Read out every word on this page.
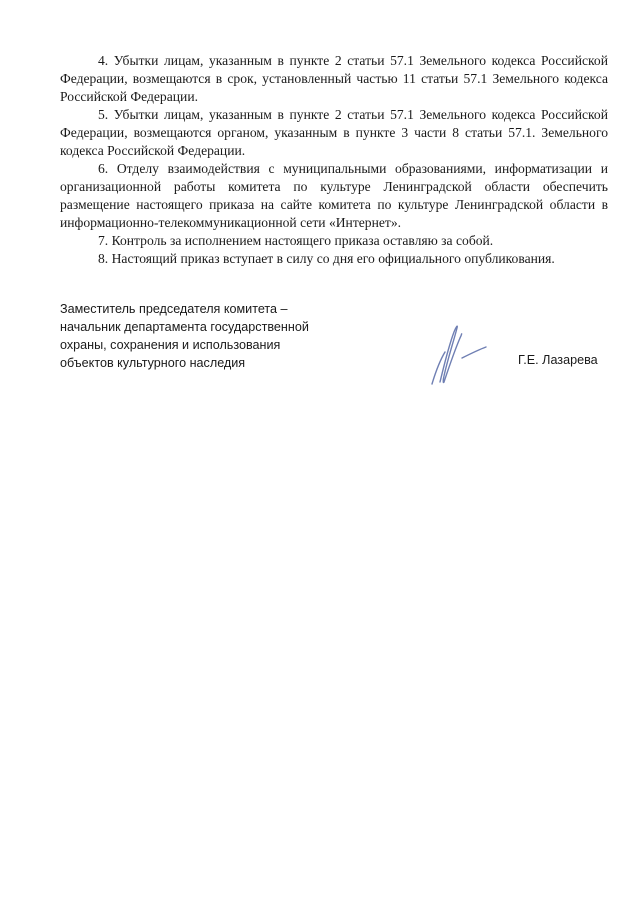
4. Убытки лицам, указанным в пункте 2 статьи 57.1 Земельного кодекса Российской Федерации, возмещаются в срок, установленный частью 11 статьи 57.1 Земельного кодекса Российской Федерации.

5. Убытки лицам, указанным в пункте 2 статьи 57.1 Земельного кодекса Российской Федерации, возмещаются органом, указанным в пункте 3 части 8 статьи 57.1. Земельного кодекса Российской Федерации.

6. Отделу взаимодействия с муниципальными образованиями, информатизации и организационной работы комитета по культуре Ленинградской области обеспечить размещение настоящего приказа на сайте комитета по культуре Ленинградской области в информационно-телекоммуникационной сети «Интернет».

7. Контроль за исполнением настоящего приказа оставляю за собой.

8. Настоящий приказ вступает в силу со дня его официального опубликования.

Заместитель председателя комитета –
начальник департамента государственной
охраны, сохранения и использования
объектов культурного наследия	Г.Е. Лазарева
